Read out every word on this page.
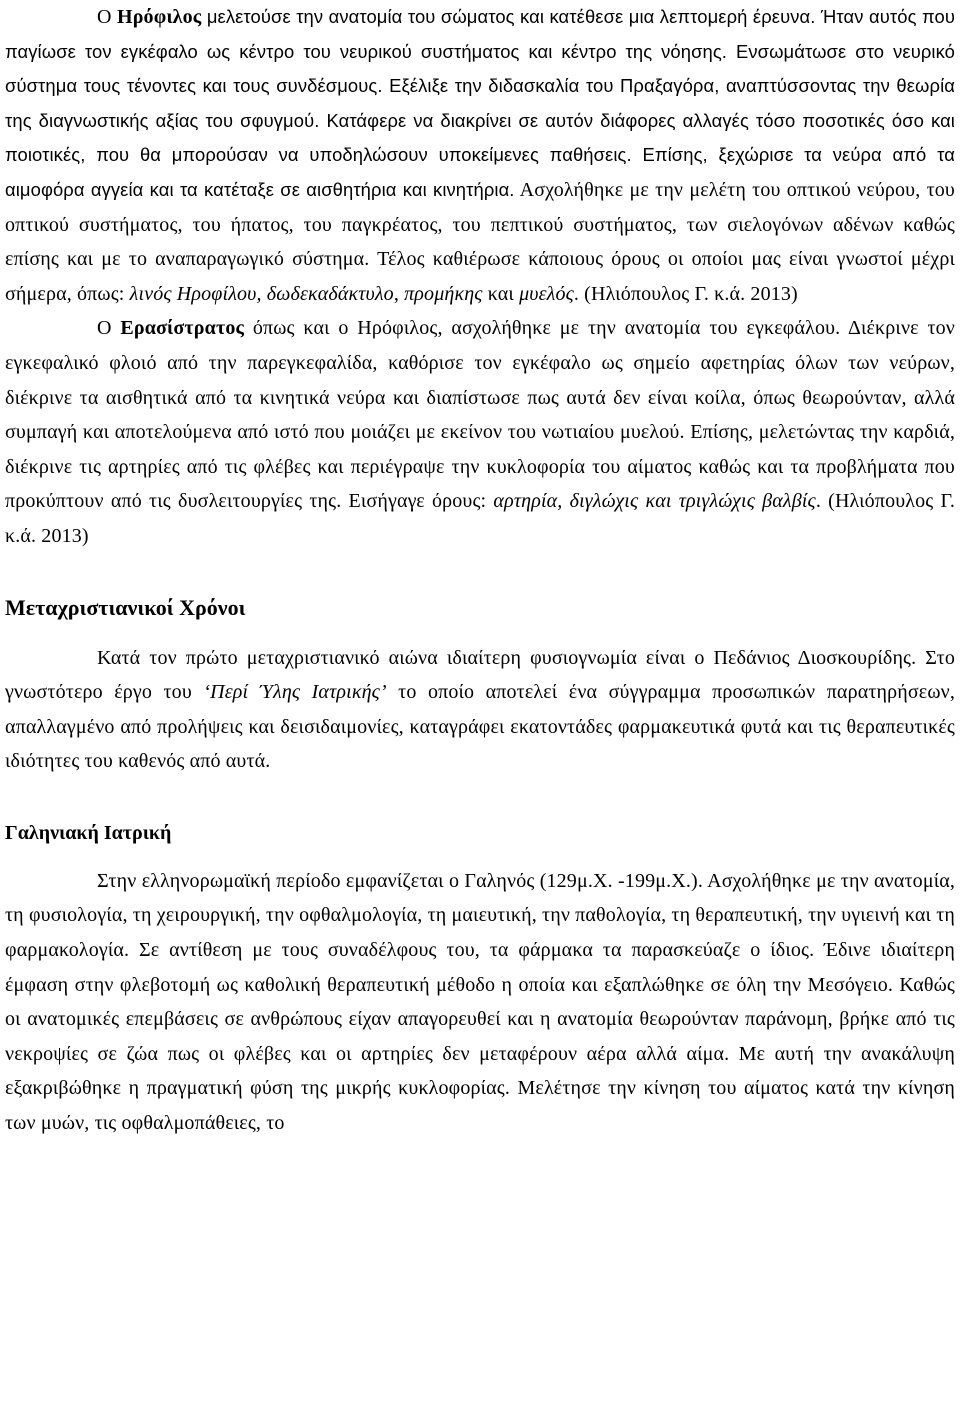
Ο Ηρόφιλος μελετούσε την ανατομία του σώματος και κατέθεσε μια λεπτομερή έρευνα. Ήταν αυτός που παγίωσε τον εγκέφαλο ως κέντρο του νευρικού συστήματος και κέντρο της νόησης. Ενσωμάτωσε στο νευρικό σύστημα τους τένοντες και τους συνδέσμους. Εξέλιξε την διδασκαλία του Πραξαγόρα, αναπτύσσοντας την θεωρία της διαγνωστικής αξίας του σφυγμού. Κατάφερε να διακρίνει σε αυτόν διάφορες αλλαγές τόσο ποσοτικές όσο και ποιοτικές, που θα μπορούσαν να υποδηλώσουν υποκείμενες παθήσεις. Επίσης, ξεχώρισε τα νεύρα από τα αιμοφόρα αγγεία και τα κατέταξε σε αισθητήρια και κινητήρια. Ασχολήθηκε με την μελέτη του οπτικού νεύρου, του οπτικού συστήματος, του ήπατος, του παγκρέατος, του πεπτικού συστήματος, των σιελογόνων αδένων καθώς επίσης και με το αναπαραγωγικό σύστημα. Τέλος καθιέρωσε κάποιους όρους οι οποίοι μας είναι γνωστοί μέχρι σήμερα, όπως: λινός Ηροφίλου, δωδεκαδάκτυλο, προμήκης και μυελός. (Ηλιόπουλος Γ. κ.ά. 2013)

Ο Ερασίστρατος όπως και ο Ηρόφιλος, ασχολήθηκε με την ανατομία του εγκεφάλου. Διέκρινε τον εγκεφαλικό φλοιό από την παρεγκεφαλίδα, καθόρισε τον εγκέφαλο ως σημείο αφετηρίας όλων των νεύρων, διέκρινε τα αισθητικά από τα κινητικά νεύρα και διαπίστωσε πως αυτά δεν είναι κοίλα, όπως θεωρούνταν, αλλά συμπαγή και αποτελούμενα από ιστό που μοιάζει με εκείνον του νωτιαίου μυελού. Επίσης, μελετώντας την καρδιά, διέκρινε τις αρτηρίες από τις φλέβες και περιέγραψε την κυκλοφορία του αίματος καθώς και τα προβλήματα που προκύπτουν από τις δυσλειτουργίες της. Εισήγαγε όρους: αρτηρία, διγλώχις και τριγλώχις βαλβίς. (Ηλιόπουλος Γ. κ.ά. 2013)

Μεταχριστιανικοί Χρόνοι

Κατά τον πρώτο μεταχριστιανικό αιώνα ιδιαίτερη φυσιογνωμία είναι ο Πεδάνιος Διοσκουρίδης. Στο γνωστότερο έργο του ‘Περί Ύλης Ιατρικής’ το οποίο αποτελεί ένα σύγγραμμα προσωπικών παρατηρήσεων, απαλλαγμένο από προλήψεις και δεισιδαιμονίες, καταγράφει εκατοντάδες φαρμακευτικά φυτά και τις θεραπευτικές ιδιότητες του καθενός από αυτά.

Γαληνιακή Ιατρική

Στην ελληνορωμαϊκή περίοδο εμφανίζεται ο Γαληνός (129μ.Χ. -199μ.Χ.). Ασχολήθηκε με την ανατομία, τη φυσιολογία, τη χειρουργική, την οφθαλμολογία, τη μαιευτική, την παθολογία, τη θεραπευτική, την υγιεινή και τη φαρμακολογία. Σε αντίθεση με τους συναδέλφους του, τα φάρμακα τα παρασκεύαζε ο ίδιος. Έδινε ιδιαίτερη έμφαση στην φλεβοτομή ως καθολική θεραπευτική μέθοδο η οποία και εξαπλώθηκε σε όλη την Μεσόγειο. Καθώς οι ανατομικές επεμβάσεις σε ανθρώπους είχαν απαγορευθεί και η ανατομία θεωρούνταν παράνομη, βρήκε από τις νεκροψίες σε ζώα πως οι φλέβες και οι αρτηρίες δεν μεταφέρουν αέρα αλλά αίμα. Με αυτή την ανακάλυψη εξακριβώθηκε η πραγματική φύση της μικρής κυκλοφορίας. Μελέτησε την κίνηση του αίματος κατά την κίνηση των μυών, τις οφθαλμοπάθειες, το
